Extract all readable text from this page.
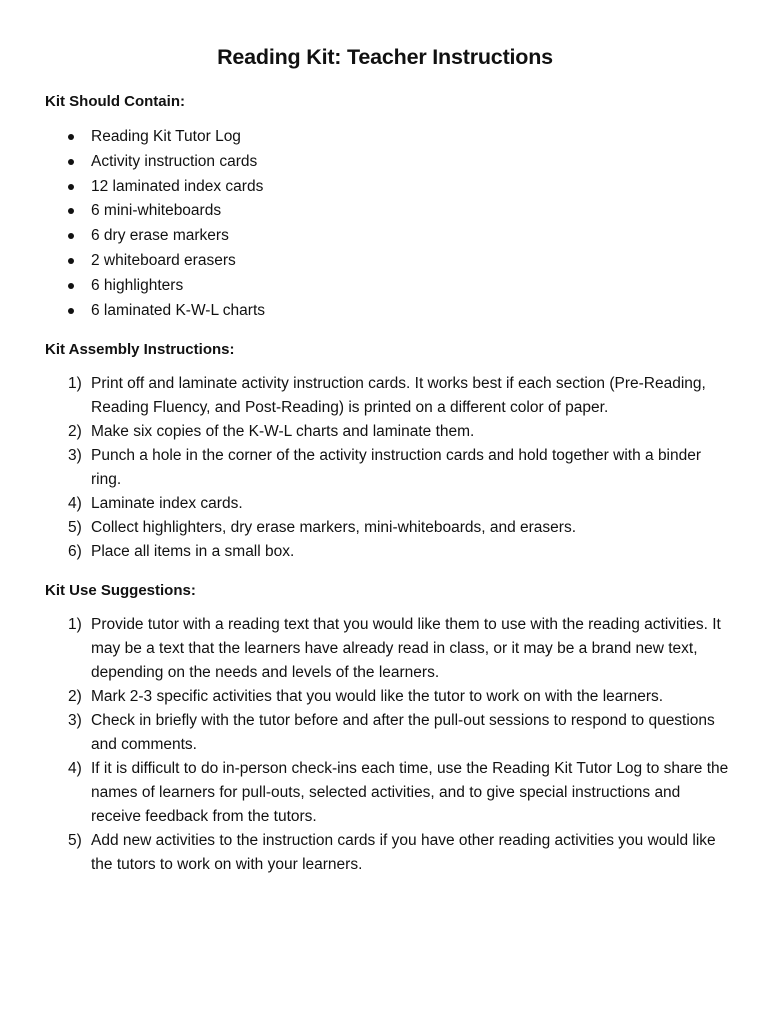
Reading Kit: Teacher Instructions
Kit Should Contain:
Reading Kit Tutor Log
Activity instruction cards
12 laminated index cards
6 mini-whiteboards
6 dry erase markers
2 whiteboard erasers
6 highlighters
6 laminated K-W-L charts
Kit Assembly Instructions:
1) Print off and laminate activity instruction cards. It works best if each section (Pre-Reading, Reading Fluency, and Post-Reading) is printed on a different color of paper.
2) Make six copies of the K-W-L charts and laminate them.
3) Punch a hole in the corner of the activity instruction cards and hold together with a binder ring.
4) Laminate index cards.
5) Collect highlighters, dry erase markers, mini-whiteboards, and erasers.
6) Place all items in a small box.
Kit Use Suggestions:
1) Provide tutor with a reading text that you would like them to use with the reading activities. It may be a text that the learners have already read in class, or it may be a brand new text, depending on the needs and levels of the learners.
2) Mark 2-3 specific activities that you would like the tutor to work on with the learners.
3) Check in briefly with the tutor before and after the pull-out sessions to respond to questions and comments.
4) If it is difficult to do in-person check-ins each time, use the Reading Kit Tutor Log to share the names of learners for pull-outs, selected activities, and to give special instructions and receive feedback from the tutors.
5) Add new activities to the instruction cards if you have other reading activities you would like the tutors to work on with your learners.
